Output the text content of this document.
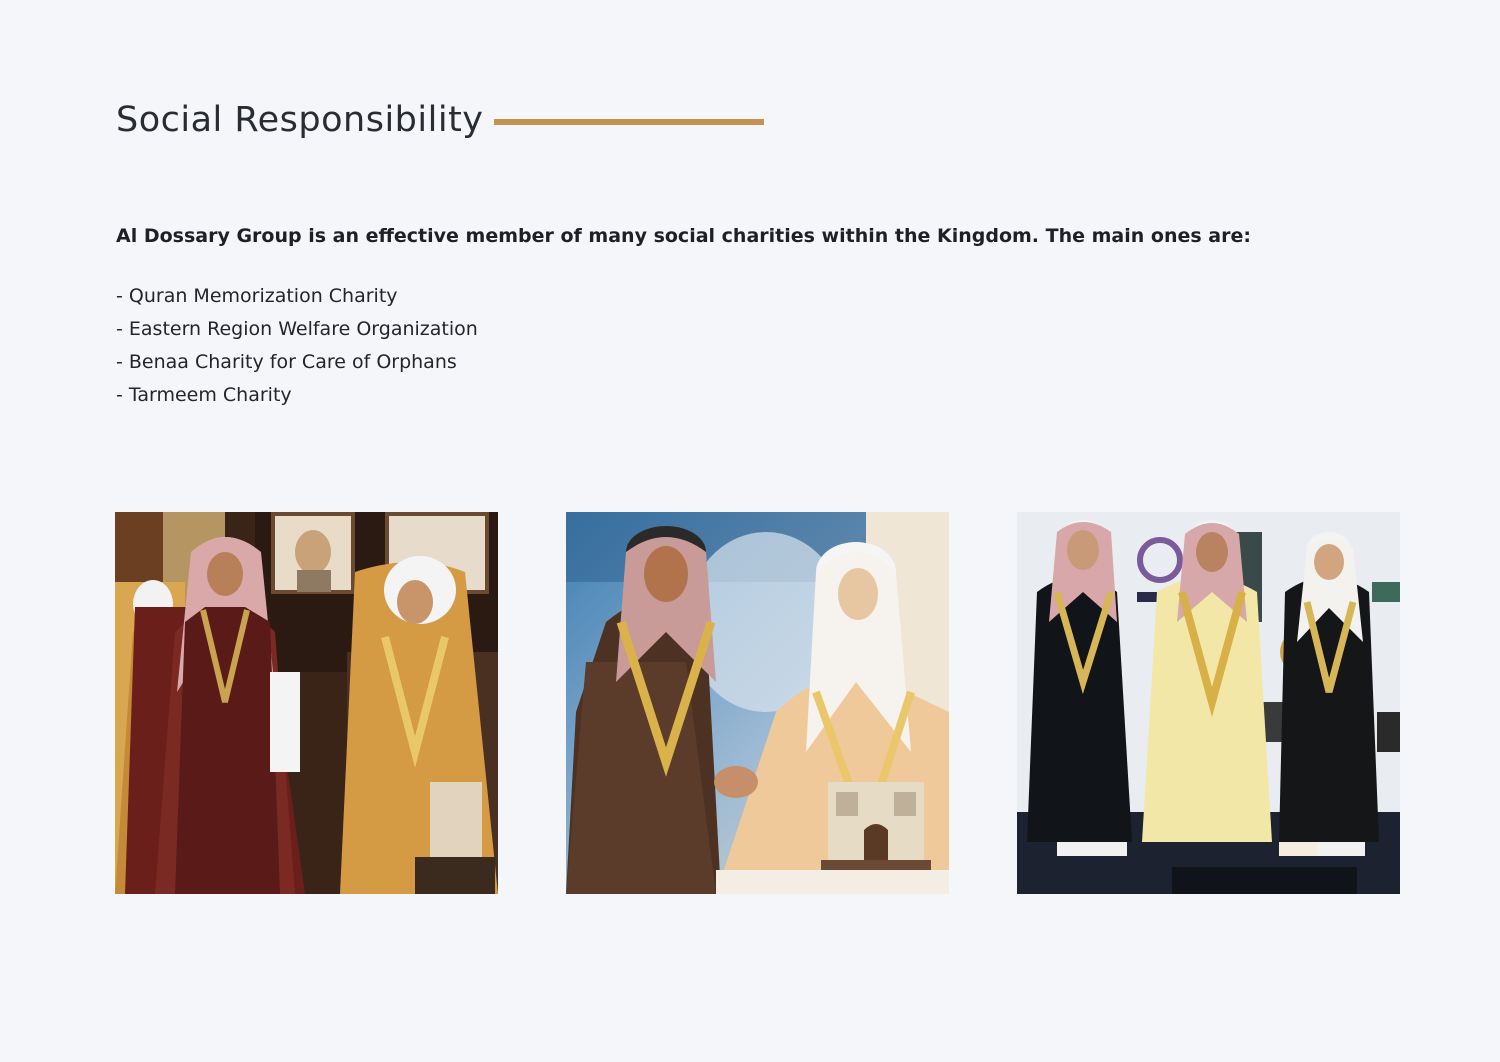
Social Responsibility

Al Dossary Group is an effective member of many social charities within the Kingdom. The main ones are:

- Quran Memorization Charity
- Eastern Region Welfare Organization
- Benaa Charity for Care of Orphans
- Tarmeem Charity
